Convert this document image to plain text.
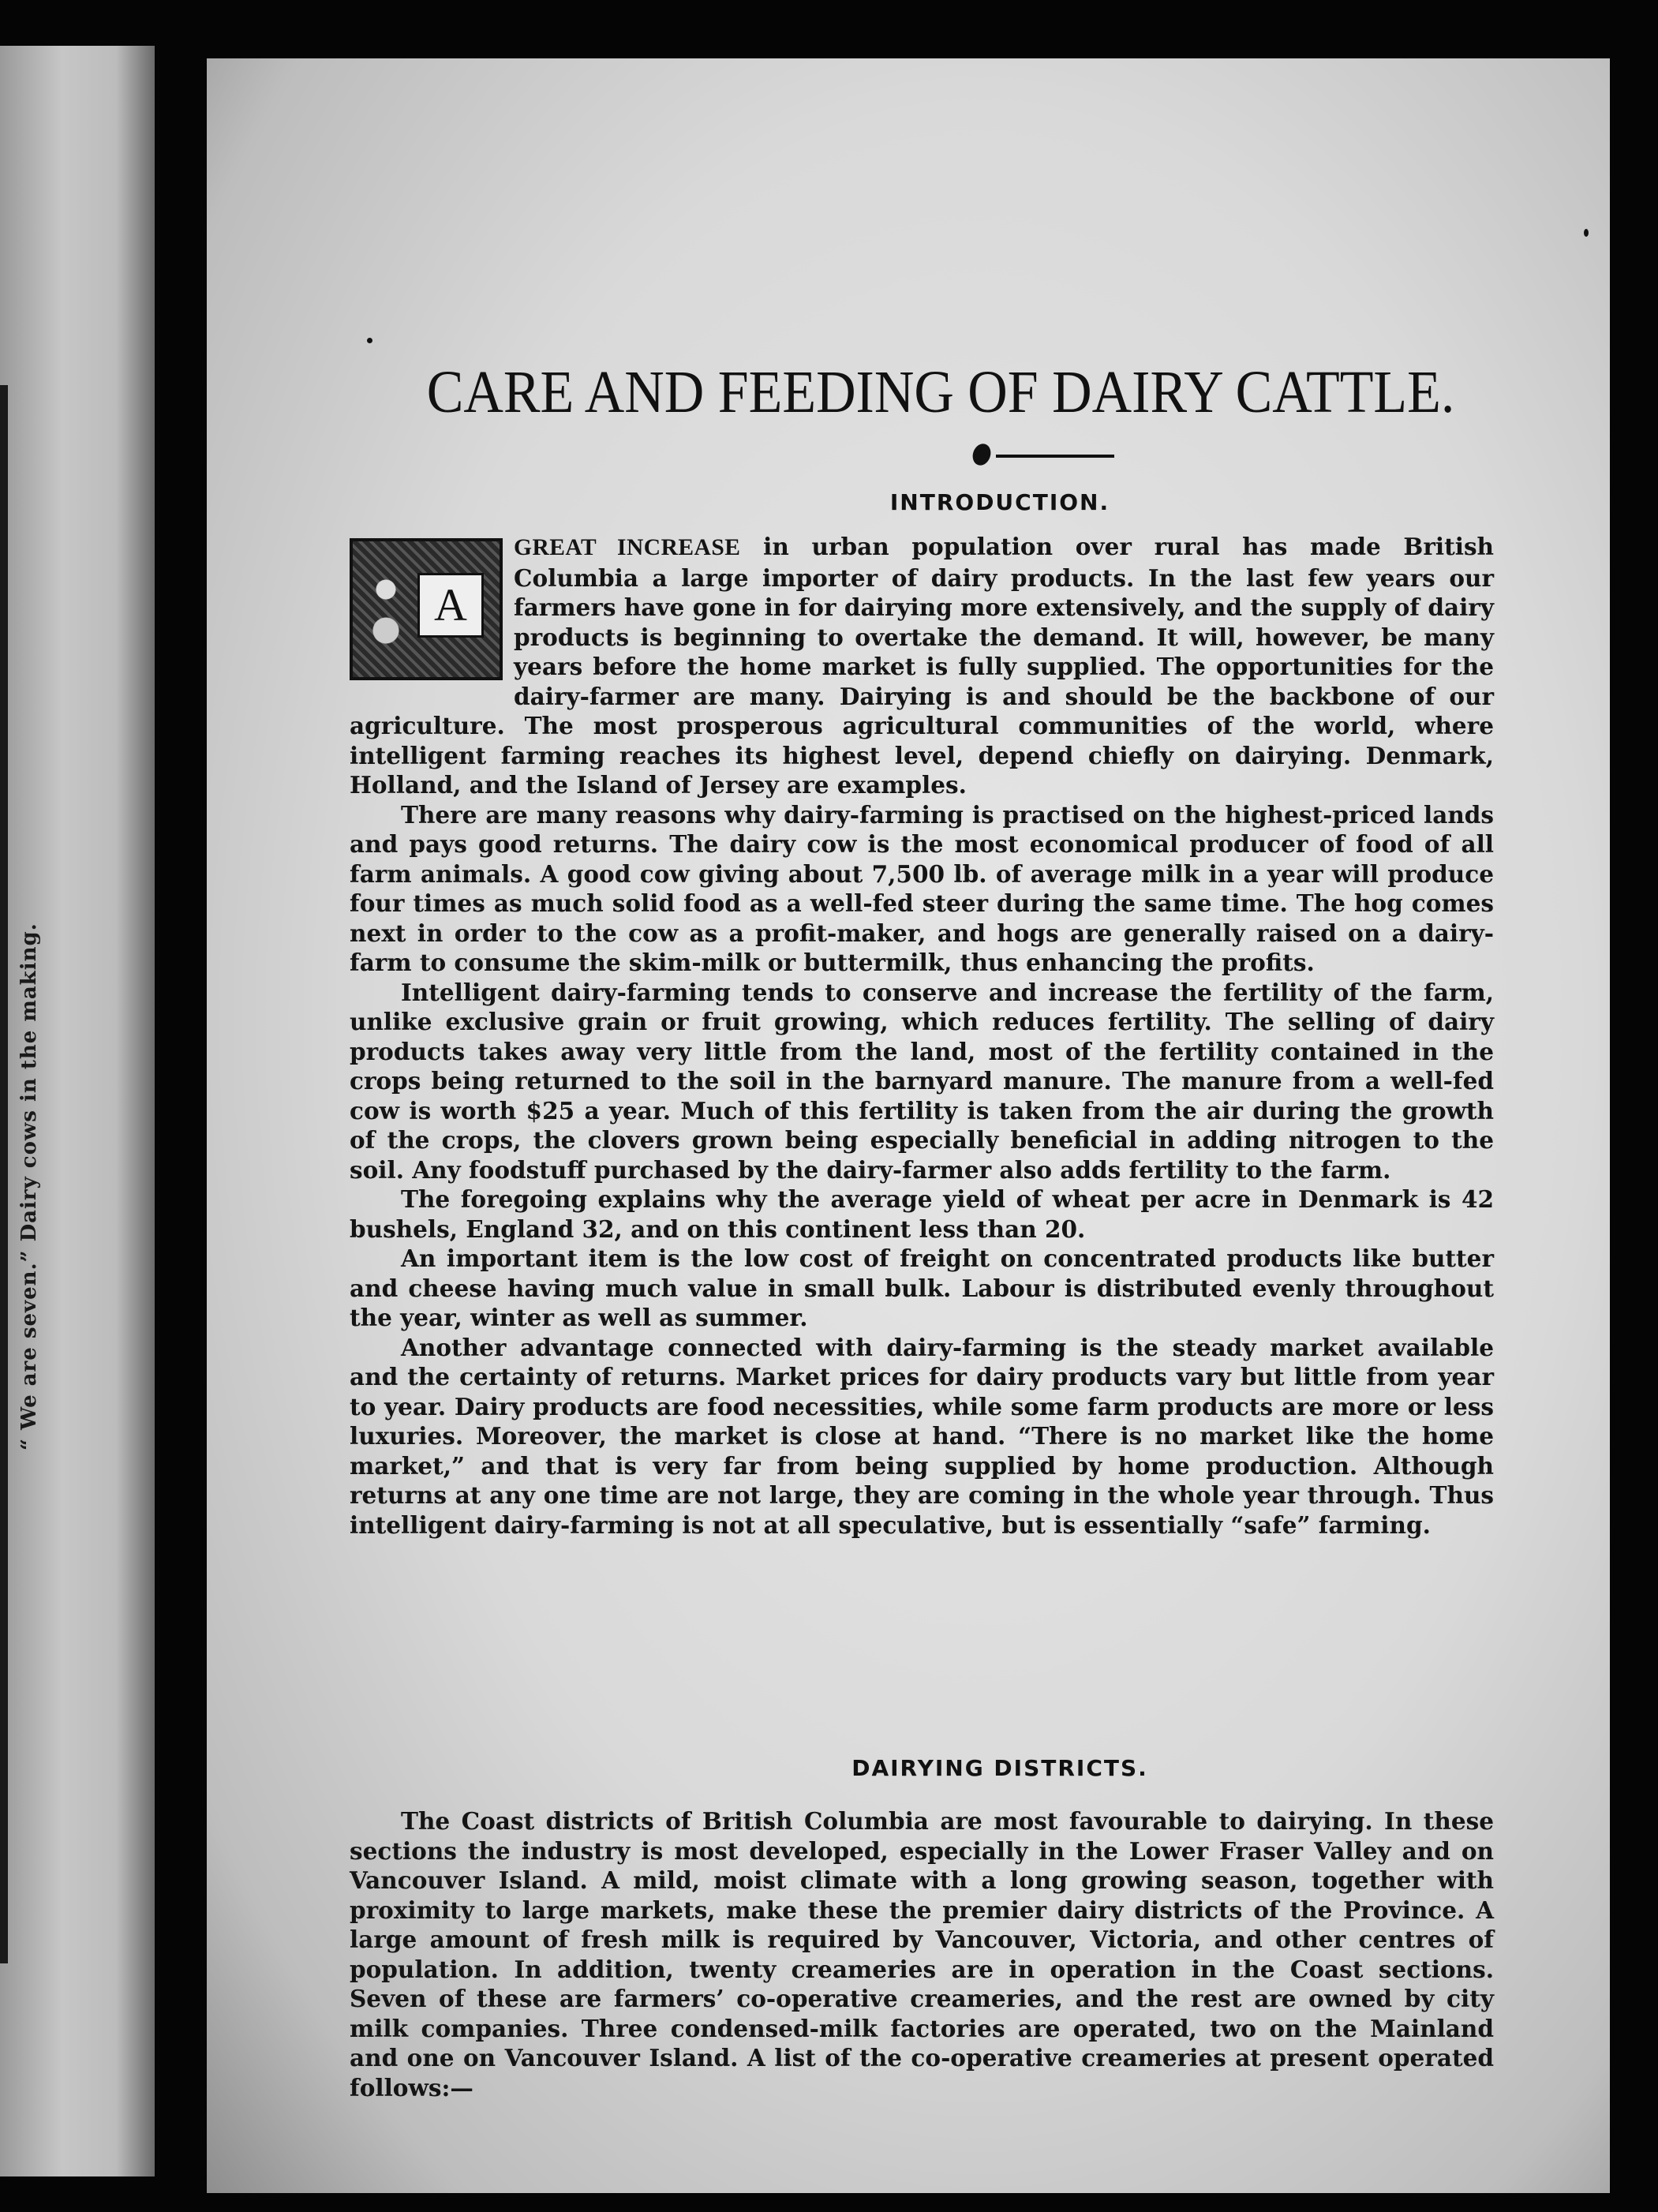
“ We are seven.” Dairy cows in the making.
CARE AND FEEDING OF DAIRY CATTLE.
INTRODUCTION.

A
GREAT INCREASE in urban population over rural has made British Columbia a large importer of dairy products. In the last few years our farmers have gone in for dairying more extensively, and the supply of dairy products is beginning to overtake the demand. It will, however, be many years before the home market is fully supplied. The opportunities for the dairy-farmer are many. Dairying is and should be the backbone of our agriculture. The most prosperous agricultural communities of the world, where intelligent farming reaches its highest level, depend chiefly on dairying. Denmark, Holland, and the Island of Jersey are examples.

There are many reasons why dairy-farming is practised on the highest-priced lands and pays good returns. The dairy cow is the most economical producer of food of all farm animals. A good cow giving about 7,500 lb. of average milk in a year will produce four times as much solid food as a well-fed steer during the same time. The hog comes next in order to the cow as a profit-maker, and hogs are generally raised on a dairy-farm to consume the skim-milk or buttermilk, thus enhancing the profits.

Intelligent dairy-farming tends to conserve and increase the fertility of the farm, unlike exclusive grain or fruit growing, which reduces fertility. The selling of dairy products takes away very little from the land, most of the fertility contained in the crops being returned to the soil in the barnyard manure. The manure from a well-fed cow is worth $25 a year. Much of this fertility is taken from the air during the growth of the crops, the clovers grown being especially beneficial in adding nitrogen to the soil. Any foodstuff purchased by the dairy-farmer also adds fertility to the farm.

The foregoing explains why the average yield of wheat per acre in Denmark is 42 bushels, England 32, and on this continent less than 20.

An important item is the low cost of freight on concentrated products like butter and cheese having much value in small bulk. Labour is distributed evenly throughout the year, winter as well as summer.

Another advantage connected with dairy-farming is the steady market available and the certainty of returns. Market prices for dairy products vary but little from year to year. Dairy products are food necessities, while some farm products are more or less luxuries. Moreover, the market is close at hand. “There is no market like the home market,” and that is very far from being supplied by home production. Although returns at any one time are not large, they are coming in the whole year through. Thus intelligent dairy-farming is not at all speculative, but is essentially “safe” farming.

DAIRYING DISTRICTS.

The Coast districts of British Columbia are most favourable to dairying. In these sections the industry is most developed, especially in the Lower Fraser Valley and on Vancouver Island. A mild, moist climate with a long growing season, together with proximity to large markets, make these the premier dairy districts of the Province. A large amount of fresh milk is required by Vancouver, Victoria, and other centres of population. In addition, twenty creameries are in operation in the Coast sections. Seven of these are farmers’ co-operative creameries, and the rest are owned by city milk companies. Three condensed-milk factories are operated, two on the Mainland and one on Vancouver Island. A list of the co-operative creameries at present operated follows:—
